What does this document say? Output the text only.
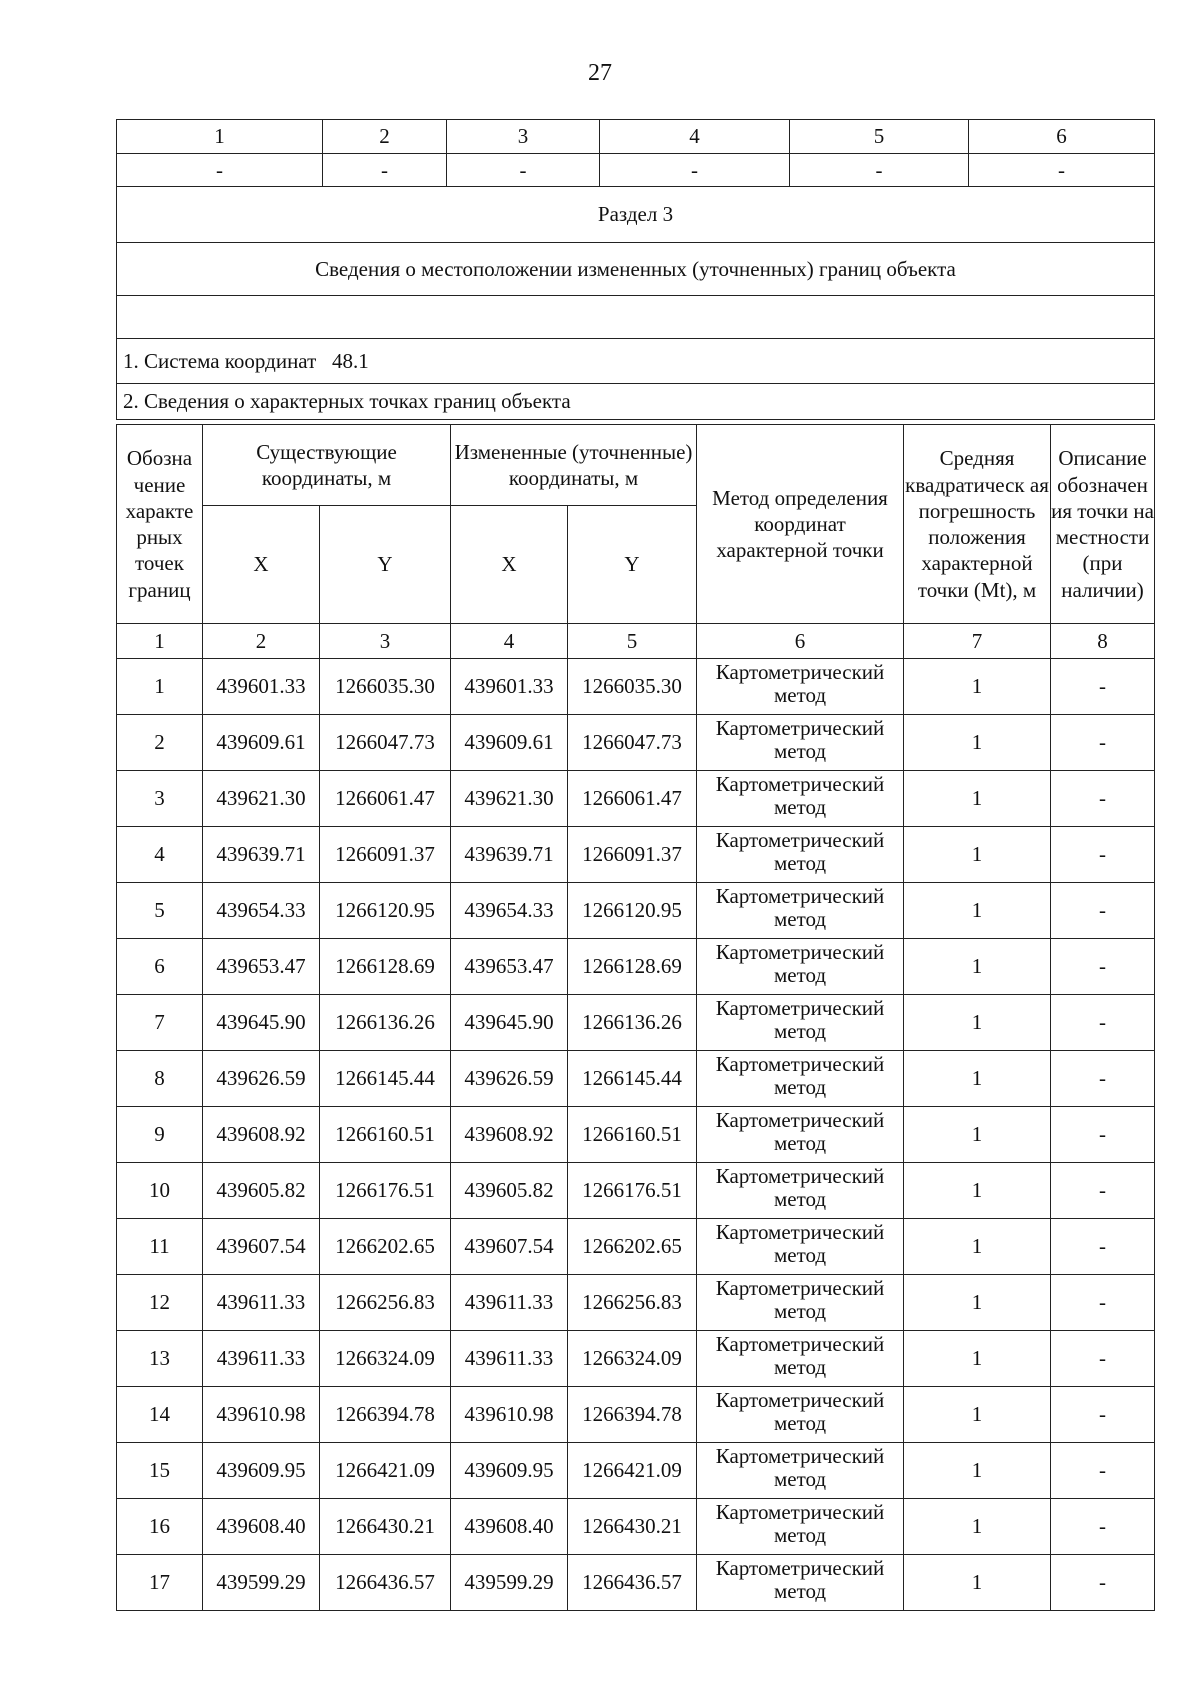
27
1	2	3	4	5	6
-	-	-	-	-	-
Раздел 3					
Сведения о местоположении измененных (уточненных) границ объекта					

1. Система координат   48.1					
2. Сведения о характерных точках границ объекта					
Обозна чение характе рных точек границ	Существующие координаты, м		Измененные (уточненные) координаты, м		Метод определения координат характерной точки	Средняя квадратическ ая погрешность положения характерной точки (Mt), м	Описание обозначен ия точки на местности (при наличии)
	X	Y	X	Y			
1	2	3	4	5	6	7	8
1	439601.33	1266035.30	439601.33	1266035.30	Картометрический метод	1	-
2	439609.61	1266047.73	439609.61	1266047.73	Картометрический метод	1	-
3	439621.30	1266061.47	439621.30	1266061.47	Картометрический метод	1	-
4	439639.71	1266091.37	439639.71	1266091.37	Картометрический метод	1	-
5	439654.33	1266120.95	439654.33	1266120.95	Картометрический метод	1	-
6	439653.47	1266128.69	439653.47	1266128.69	Картометрический метод	1	-
7	439645.90	1266136.26	439645.90	1266136.26	Картометрический метод	1	-
8	439626.59	1266145.44	439626.59	1266145.44	Картометрический метод	1	-
9	439608.92	1266160.51	439608.92	1266160.51	Картометрический метод	1	-
10	439605.82	1266176.51	439605.82	1266176.51	Картометрический метод	1	-
11	439607.54	1266202.65	439607.54	1266202.65	Картометрический метод	1	-
12	439611.33	1266256.83	439611.33	1266256.83	Картометрический метод	1	-
13	439611.33	1266324.09	439611.33	1266324.09	Картометрический метод	1	-
14	439610.98	1266394.78	439610.98	1266394.78	Картометрический метод	1	-
15	439609.95	1266421.09	439609.95	1266421.09	Картометрический метод	1	-
16	439608.40	1266430.21	439608.40	1266430.21	Картометрический метод	1	-
17	439599.29	1266436.57	439599.29	1266436.57	Картометрический метод	1	-
